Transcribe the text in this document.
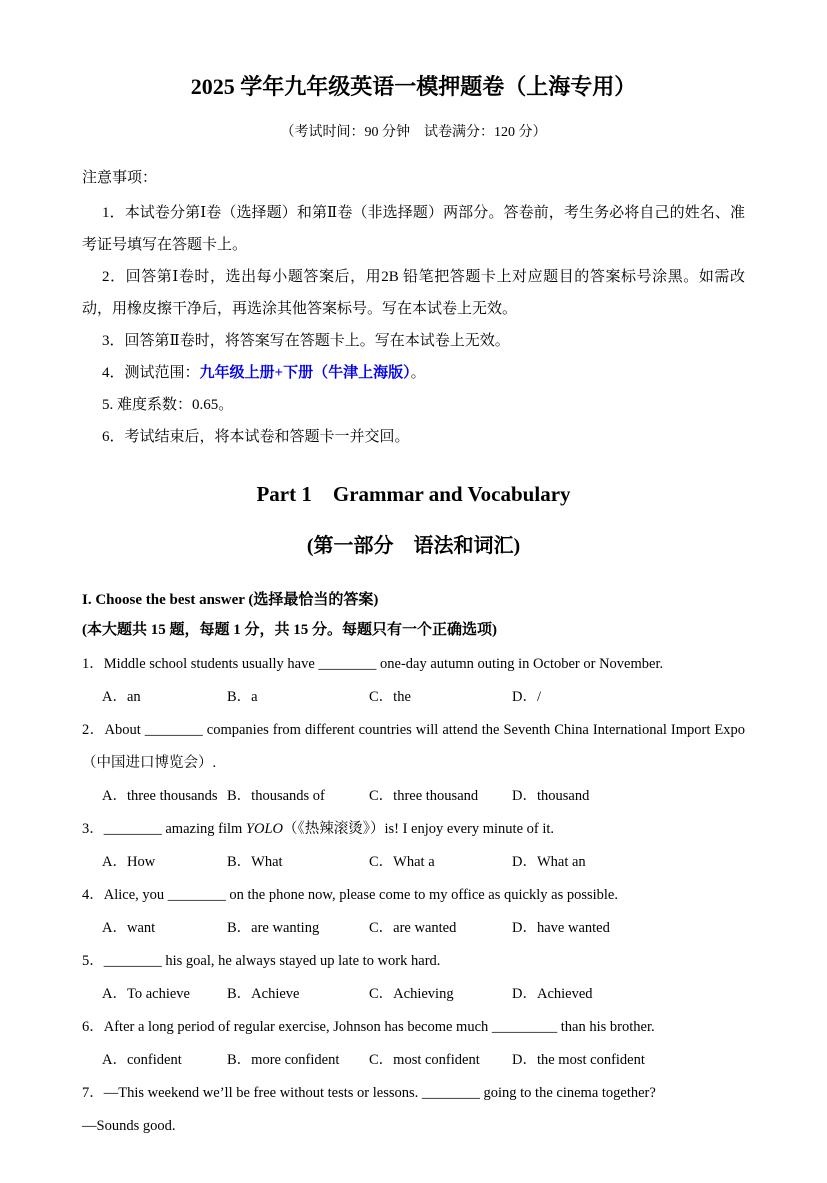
2025 学年九年级英语一模押题卷（上海专用）

（考试时间：90 分钟　试卷满分：120 分）

注意事项：

1．本试卷分第Ⅰ卷（选择题）和第Ⅱ卷（非选择题）两部分。答卷前，考生务必将自己的姓名、准考证号填写在答题卡上。

2．回答第Ⅰ卷时，选出每小题答案后，用2B 铅笔把答题卡上对应题目的答案标号涂黑。如需改动，用橡皮擦干净后，再选涂其他答案标号。写在本试卷上无效。

3．回答第Ⅱ卷时，将答案写在答题卡上。写在本试卷上无效。

4．测试范围：九年级上册+下册（牛津上海版）。

5. 难度系数：0.65。

6．考试结束后，将本试卷和答题卡一并交回。

Part 1　Grammar and Vocabulary
(第一部分　语法和词汇)

I. Choose the best answer (选择最恰当的答案)

(本大题共 15 题，每题 1 分，共 15 分。每题只有一个正确选项)

1．Middle school students usually have ________ one-day autumn outing in October or November.

A．an	B．a	C．the	D．/

2．About ________ companies from different countries will attend the Seventh China International Import Expo （中国进口博览会）.

A．three thousands B．thousands of	C．three thousand	D．thousand

3．________ amazing film YOLO（《热辣滚烫》）is! I enjoy every minute of it.

A．How	B．What	C．What a	D．What an

4．Alice, you ________ on the phone now, please come to my office as quickly as possible.

A．want	B．are wanting	C．are wanted	D．have wanted

5．________ his goal, he always stayed up late to work hard.

A．To achieve	B．Achieve	C．Achieving	D．Achieved

6．After a long period of regular exercise, Johnson has become much _________ than his brother.

A．confident	B．more confident	C．most confident	D．the most confident

7．—This weekend we’ll be free without tests or lessons. ________ going to the cinema together?

—Sounds good.
